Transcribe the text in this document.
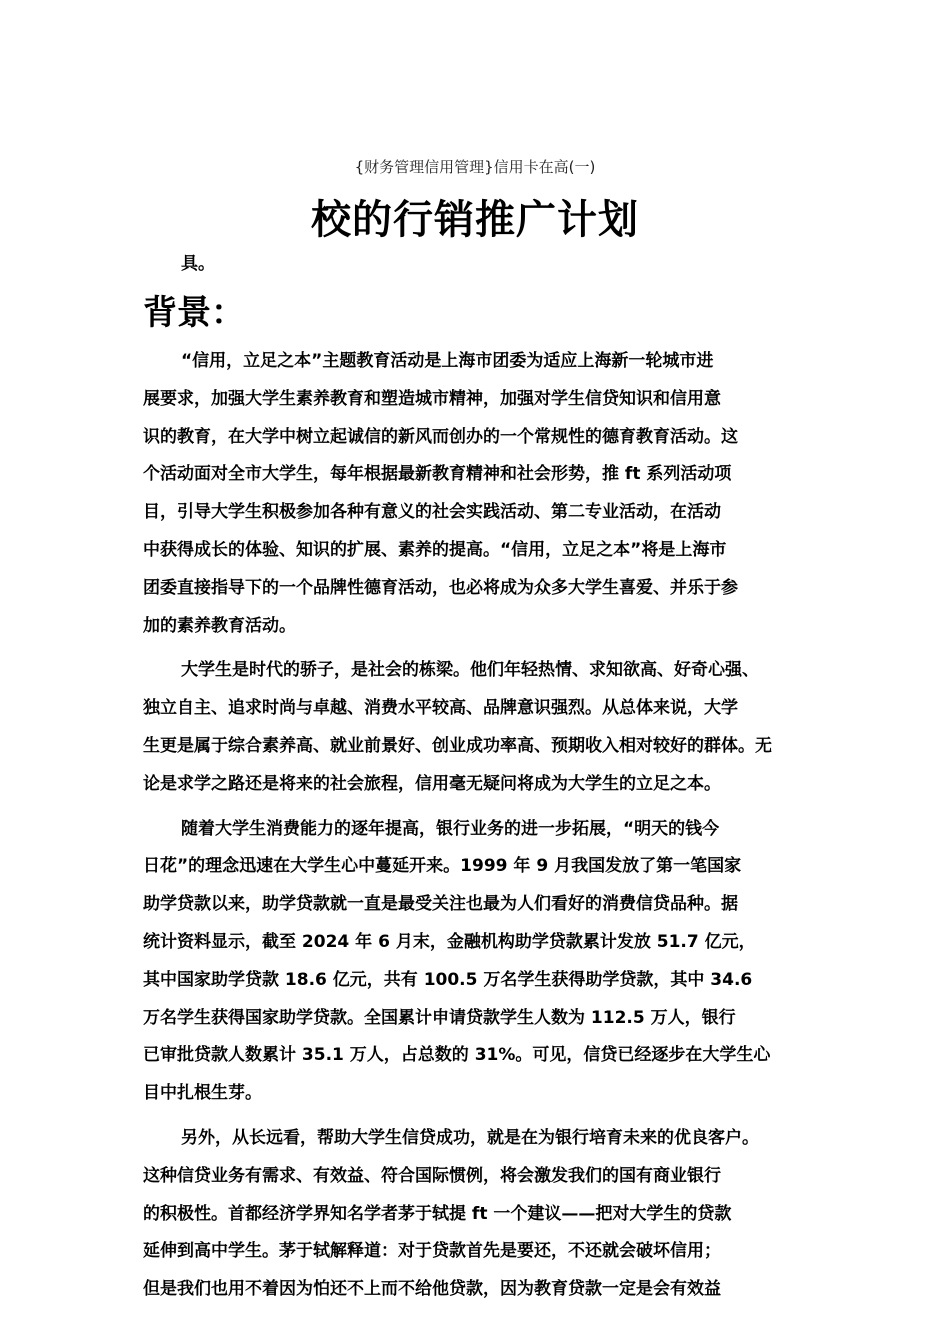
{财务管理信用管理}信用卡在高(一)
校的行销推广计划
具。
背景：
“信用，立足之本”主题教育活动是上海市团委为适应上海新一轮城市进
展要求，加强大学生素养教育和塑造城市精神，加强对学生信贷知识和信用意
识的教育，在大学中树立起诚信的新风而创办的一个常规性的德育教育活动。这
个活动面对全市大学生，每年根据最新教育精神和社会形势，推 ft 系列活动项
目，引导大学生积极参加各种有意义的社会实践活动、第二专业活动，在活动
中获得成长的体验、知识的扩展、素养的提高。“信用，立足之本”将是上海市
团委直接指导下的一个品牌性德育活动，也必将成为众多大学生喜爱、并乐于参
加的素养教育活动。
大学生是时代的骄子，是社会的栋梁。他们年轻热情、求知欲高、好奇心强、
独立自主、追求时尚与卓越、消费水平较高、品牌意识强烈。从总体来说，大学
生更是属于综合素养高、就业前景好、创业成功率高、预期收入相对较好的群体。无
论是求学之路还是将来的社会旅程，信用毫无疑问将成为大学生的立足之本。
随着大学生消费能力的逐年提高，银行业务的进一步拓展，“明天的钱今
日花”的理念迅速在大学生心中蔓延开来。1999 年 9 月我国发放了第一笔国家
助学贷款以来，助学贷款就一直是最受关注也最为人们看好的消费信贷品种。据
统计资料显示，截至 2024 年 6 月末，金融机构助学贷款累计发放 51.7 亿元，
其中国家助学贷款 18.6 亿元，共有 100.5 万名学生获得助学贷款，其中 34.6
万名学生获得国家助学贷款。全国累计申请贷款学生人数为 112.5 万人，银行
已审批贷款人数累计 35.1 万人，占总数的 31%。可见，信贷已经逐步在大学生心
目中扎根生芽。
另外，从长远看，帮助大学生信贷成功，就是在为银行培育未来的优良客户。
这种信贷业务有需求、有效益、符合国际惯例，将会激发我们的国有商业银行
的积极性。首都经济学界知名学者茅于轼提 ft 一个建议——把对大学生的贷款
延伸到高中学生。茅于轼解释道：对于贷款首先是要还，不还就会破坏信用；
但是我们也用不着因为怕还不上而不给他贷款，因为教育贷款一定是会有效益
